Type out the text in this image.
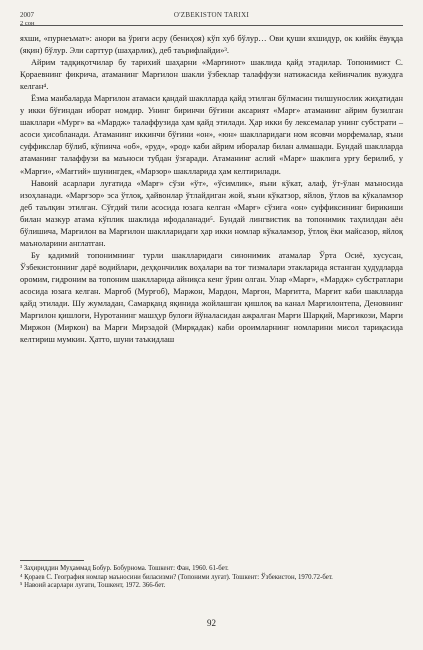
2007
2 сон
O'ZBEKISTON TARIXI

яхши, «пурнеъмат»: анори ва ўриги асру (бениҳоя) кўп хуб бўлур… Ови қуши яхшидур, ок киййк ёвуқда (яқин) бўлур. Эли сарттур (шаҳарлик), деб таърифлайди»³.

Айрим тадқиқотчилар бу тарихий шаҳарни «Марғинот» шаклида қайд этадилар. Топонимист С. Қораевнинг фикрича, атаманинг Марғилон шакли ўзбеклар талаффузи натижасида кейинчалик вужудга келган⁴.

Ёзма манбаларда Марғилон атамаси қандай шаклларда қайд этилган бўлмасин тилшунослик жиҳатидан у икки бўғиндан иборат номдир. Унинг биринчи бўғини аксарият «Марғ» атаманинг айрим бузилган шакллари «Мург» ва «Мардж» талаффузида ҳам қайд этилади. Ҳар икки бу лексемалар унинг субстрати – асоси ҳисобланади. Атаманинг иккинчи бўғини «он», «юн» шаклларидаги ном ясовчи морфемалар, яъни суффикслар бўлиб, кўпинча «об», «руд», «род» каби айрим иборалар билан алмашади. Бундай шаклларда атаманинг талаффузи ва маъноси тубдан ўзгаради. Атаманинг аслий «Марғ» шаклига урғу берилиб, у «Марғи», «Мағгий» шунингдек, «Марзор» шаклларида ҳам келтирилади.

Навоий асарлари луғатида «Марғ» сўзи «ўт», «ўсимлик», яъни кўкат, алаф, ўт-ўлан маъносида изоҳланади. «Марғзор» эса ўтлоқ, ҳайвонлар ўтлайдиган жой, яъни кўкатзор, яйлов, ўтлов ва кўкаламзор деб таълқин этилган. Сўғдий тили асосида юзага келган «Марғ» сўзига «он» суффиксининг бирикиши билан мазкур атама кўплик шаклида ифодаланади⁵. Бундай лингвистик ва топонимик таҳлилдан аён бўлишича, Марғилон ва Марғилон шаклларидаги ҳар икки номлар кўкаламзор, ўтлоқ ёки майсазор, яйлоқ маъноларини англатган.

Бу қадимий топонимнинг турли шаклларидаги синонимик атамалар Ўрта Осиё, хусусан, Ўзбекистоннинг дарё водийлари, деҳқончилик воҳалари ва тоғ тизмалари этакларида ястанган ҳудудларда оромим, гидроним ва топоним шаклларида айниқса кенг ўрин олган. Улар «Марғ», «Мардж» субстратлари асосида юзага келган. Марғоб (Мурғоб), Маржон, Мардон, Марғон, Марғитта, Марғит каби шаклларда қайд этилади. Шу жумладан, Самарқанд яқинида жойлашган қишлоқ ва канал Марғилонтепа, Деновнинг Марғилон қишлоғи, Нуротанинг машҳур булоғи йўналасидан ажралган Марғи Шарқий, Марғикози, Марғи Миржон (Миркон) ва Марғи Мирзадой (Мирқадак) каби ороимларнинг номларини мисол тариқасида келтириш мумкин. Ҳатто, шуни таъкидлаш

³ Заҳириддин Муҳаммад Бобур. Бобурнома. Тошкент: Фан, 1960. 61-бет.
⁴ Қораев С. География номлар маъносини биласизми? (Топоними луғат). Тошкент: Ўзбекистон, 1970.72-бет.
⁵ Навоий асарлари луғати, Тошкент, 1972. 366-бет.
92
